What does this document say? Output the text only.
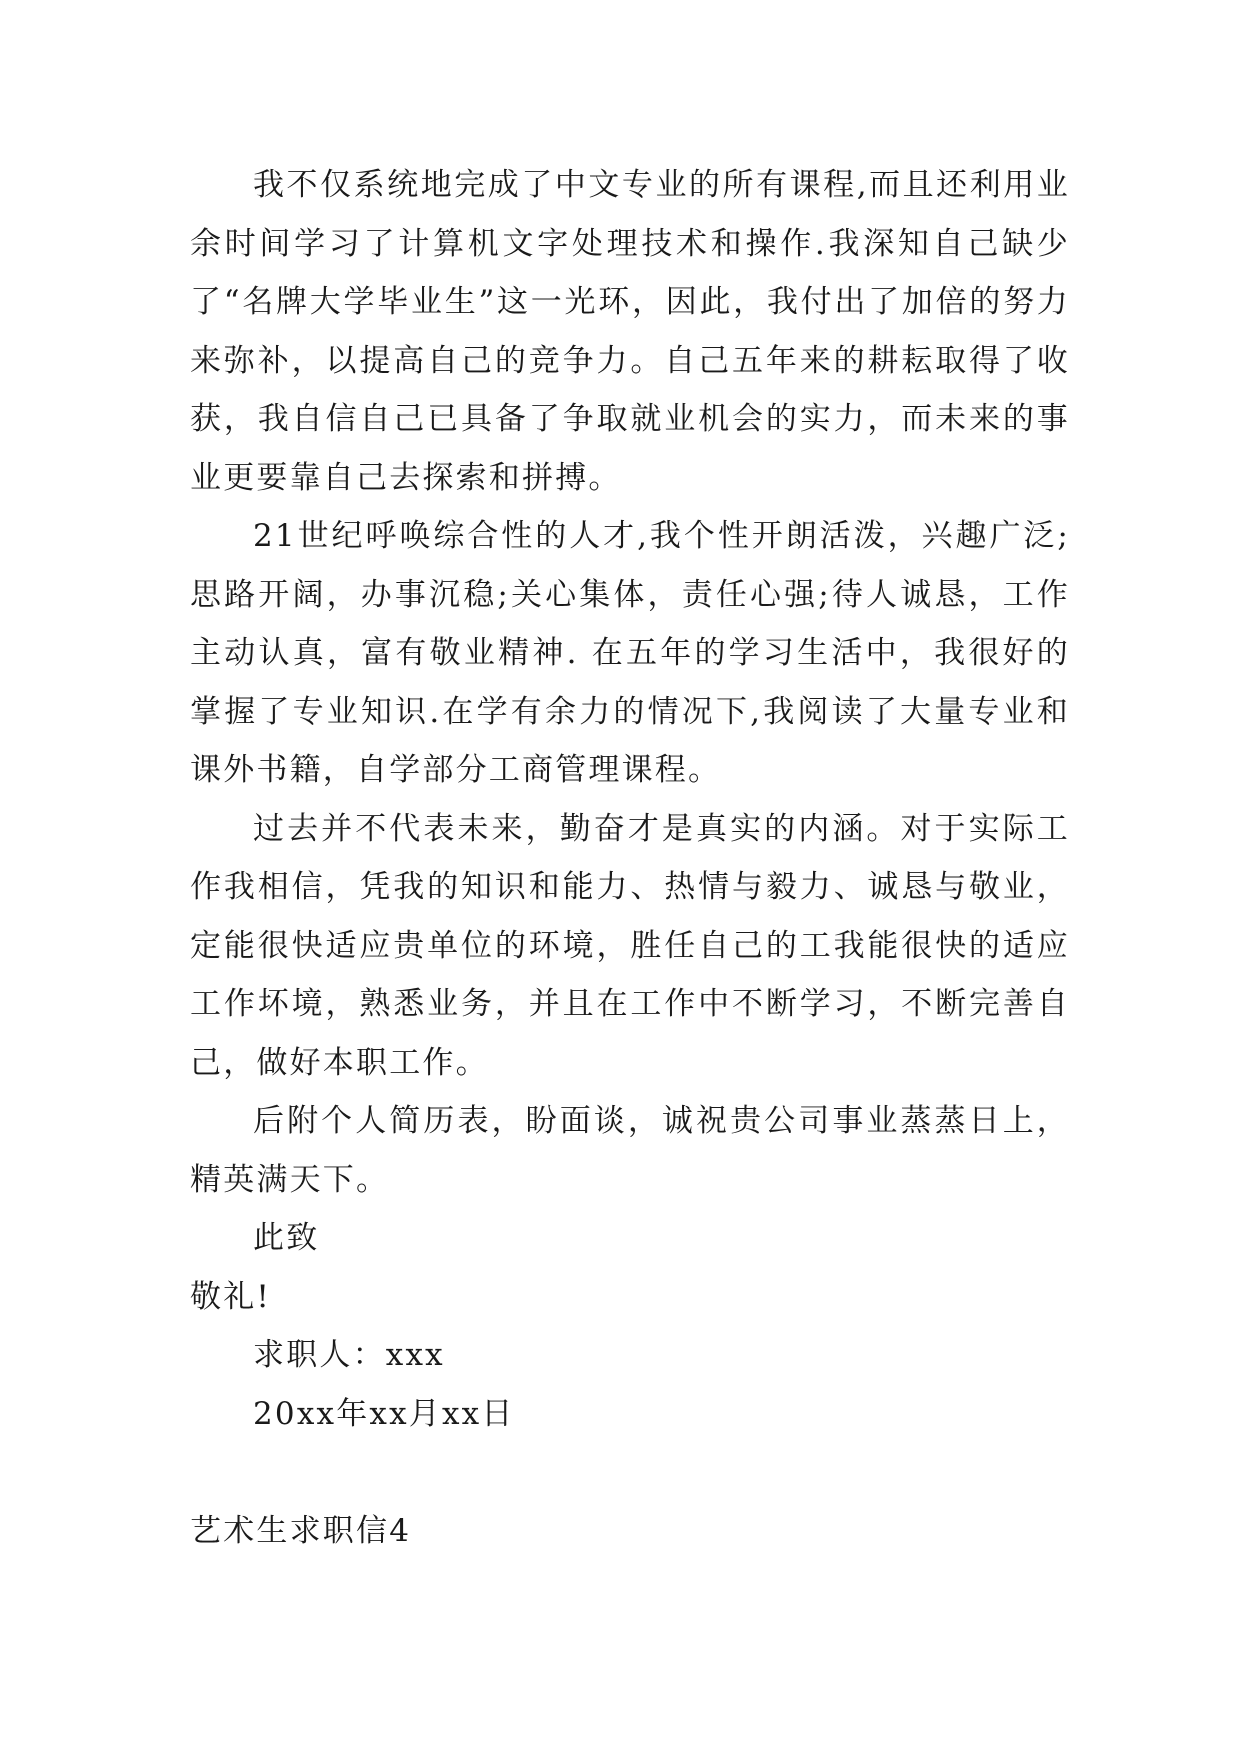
我不仅系统地完成了中文专业的所有课程,而且还利用业余时间学习了计算机文字处理技术和操作.我深知自己缺少了“名牌大学毕业生”这一光环，因此，我付出了加倍的努力来弥补，以提高自己的竞争力。自己五年来的耕耘取得了收获，我自信自己已具备了争取就业机会的实力，而未来的事业更要靠自己去探索和拼搏。

21世纪呼唤综合性的人才,我个性开朗活泼，兴趣广泛;思路开阔，办事沉稳;关心集体，责任心强;待人诚恳，工作主动认真，富有敬业精神. 在五年的学习生活中，我很好的掌握了专业知识.在学有余力的情况下,我阅读了大量专业和课外书籍，自学部分工商管理课程。

过去并不代表未来，勤奋才是真实的内涵。对于实际工作我相信，凭我的知识和能力、热情与毅力、诚恳与敬业，定能很快适应贵单位的环境，胜任自己的工我能很快的适应工作坏境，熟悉业务，并且在工作中不断学习，不断完善自己，做好本职工作。

后附个人简历表，盼面谈，诚祝贵公司事业蒸蒸日上，精英满天下。

此致

敬礼!

求职人：xxx

20xx年xx月xx日

艺术生求职信4
